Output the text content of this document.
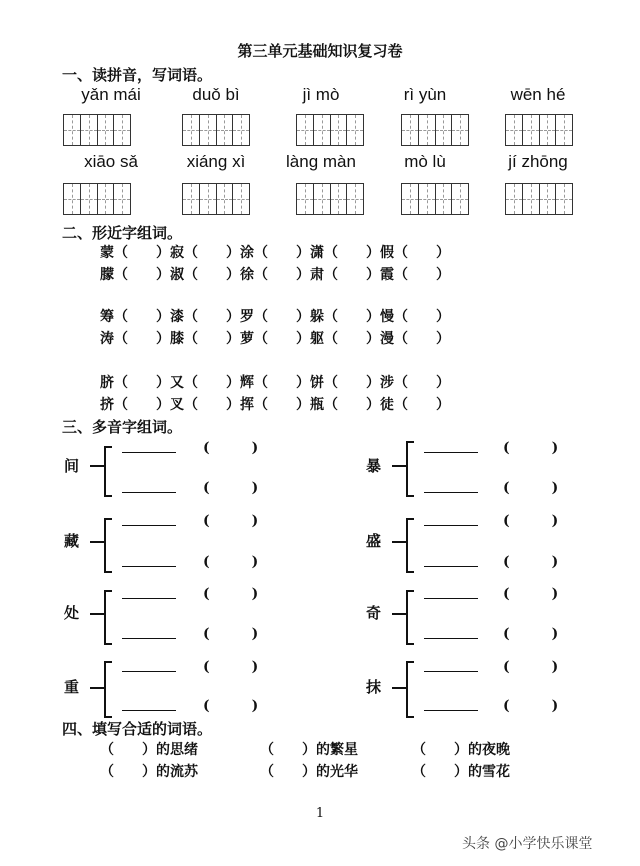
第三单元基础知识复习卷
一、读拼音，写词语。
yǎn mái	duǒ bì	jì mò	rì yùn	wēn hé
xiāo sǎ	xiáng xì	làng màn	mò lù	jí zhōng
二、形近字组词。
蒙（　　）寂（　　）涂（　　）潇（　　）假（　　）
朦（　　）淑（　　）徐（　　）肃（　　）霞（　　）
筹（　　）漆（　　）罗（　　）躲（　　）慢（　　）
涛（　　）膝（　　）萝（　　）躯（　　）漫（　　）
脐（　　）又（　　）辉（　　）饼（　　）涉（　　）
挤（　　）叉（　　）挥（　　）瓶（　　）徒（　　）
三、多音字组词。
间
(　　　)
(　　　)
藏
(　　　)
(　　　)
处
(　　　)
(　　　)
重
(　　　)
(　　　)
暴
(　　　)
(　　　)
盛
(　　　)
(　　　)
奇
(　　　)
(　　　)
抹
(　　　)
(　　　)
四、填写合适的词语。
（　　）的思绪	（　　）的繁星	（　　）的夜晚
（　　）的流苏	（　　）的光华	（　　）的雪花
1
头条 @小学快乐课堂
